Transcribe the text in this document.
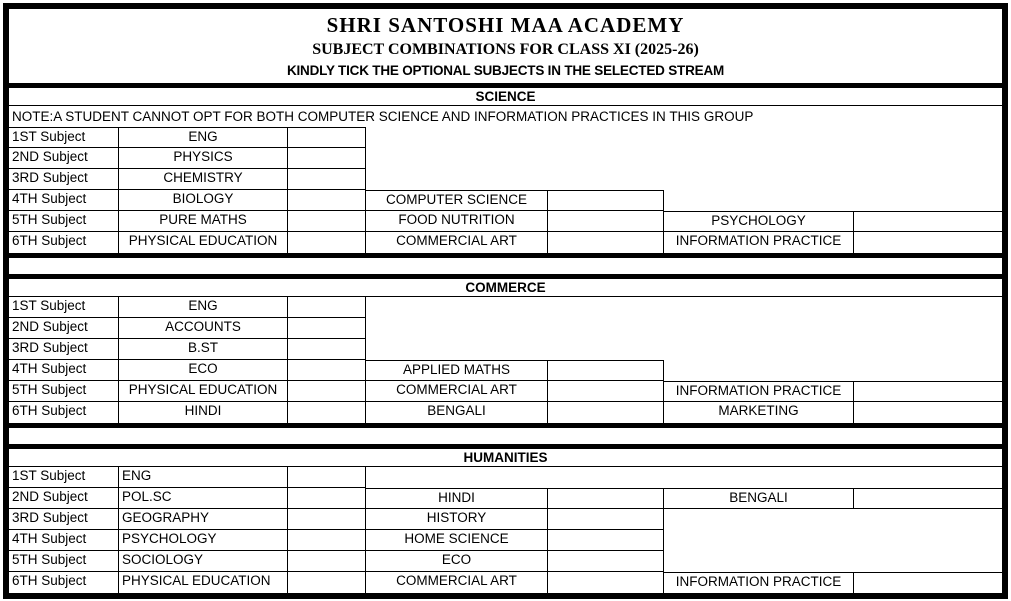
SHRI SANTOSHI MAA ACADEMY
SUBJECT COMBINATIONS FOR CLASS XI (2025-26)
KINDLY TICK THE OPTIONAL SUBJECTS IN THE SELECTED STREAM
SCIENCE
NOTE:A STUDENT CANNOT OPT FOR BOTH COMPUTER SCIENCE AND INFORMATION PRACTICES IN THIS GROUP
1ST Subject	ENG
2ND Subject	PHYSICS
3RD Subject	CHEMISTRY
4TH Subject	BIOLOGY	COMPUTER SCIENCE
5TH Subject	PURE MATHS	FOOD NUTRITION	PSYCHOLOGY
6TH Subject	PHYSICAL EDUCATION	COMMERCIAL ART	INFORMATION PRACTICE
COMMERCE
1ST Subject	ENG
2ND Subject	ACCOUNTS
3RD Subject	B.ST
4TH Subject	ECO	APPLIED MATHS
5TH Subject	PHYSICAL EDUCATION	COMMERCIAL ART	INFORMATION PRACTICE
6TH Subject	HINDI	BENGALI	MARKETING
HUMANITIES
1ST Subject	ENG
2ND Subject	POL.SC	HINDI	BENGALI
3RD Subject	GEOGRAPHY	HISTORY
4TH Subject	PSYCHOLOGY	HOME SCIENCE
5TH Subject	SOCIOLOGY	ECO
6TH Subject	PHYSICAL EDUCATION	COMMERCIAL ART	INFORMATION PRACTICE
